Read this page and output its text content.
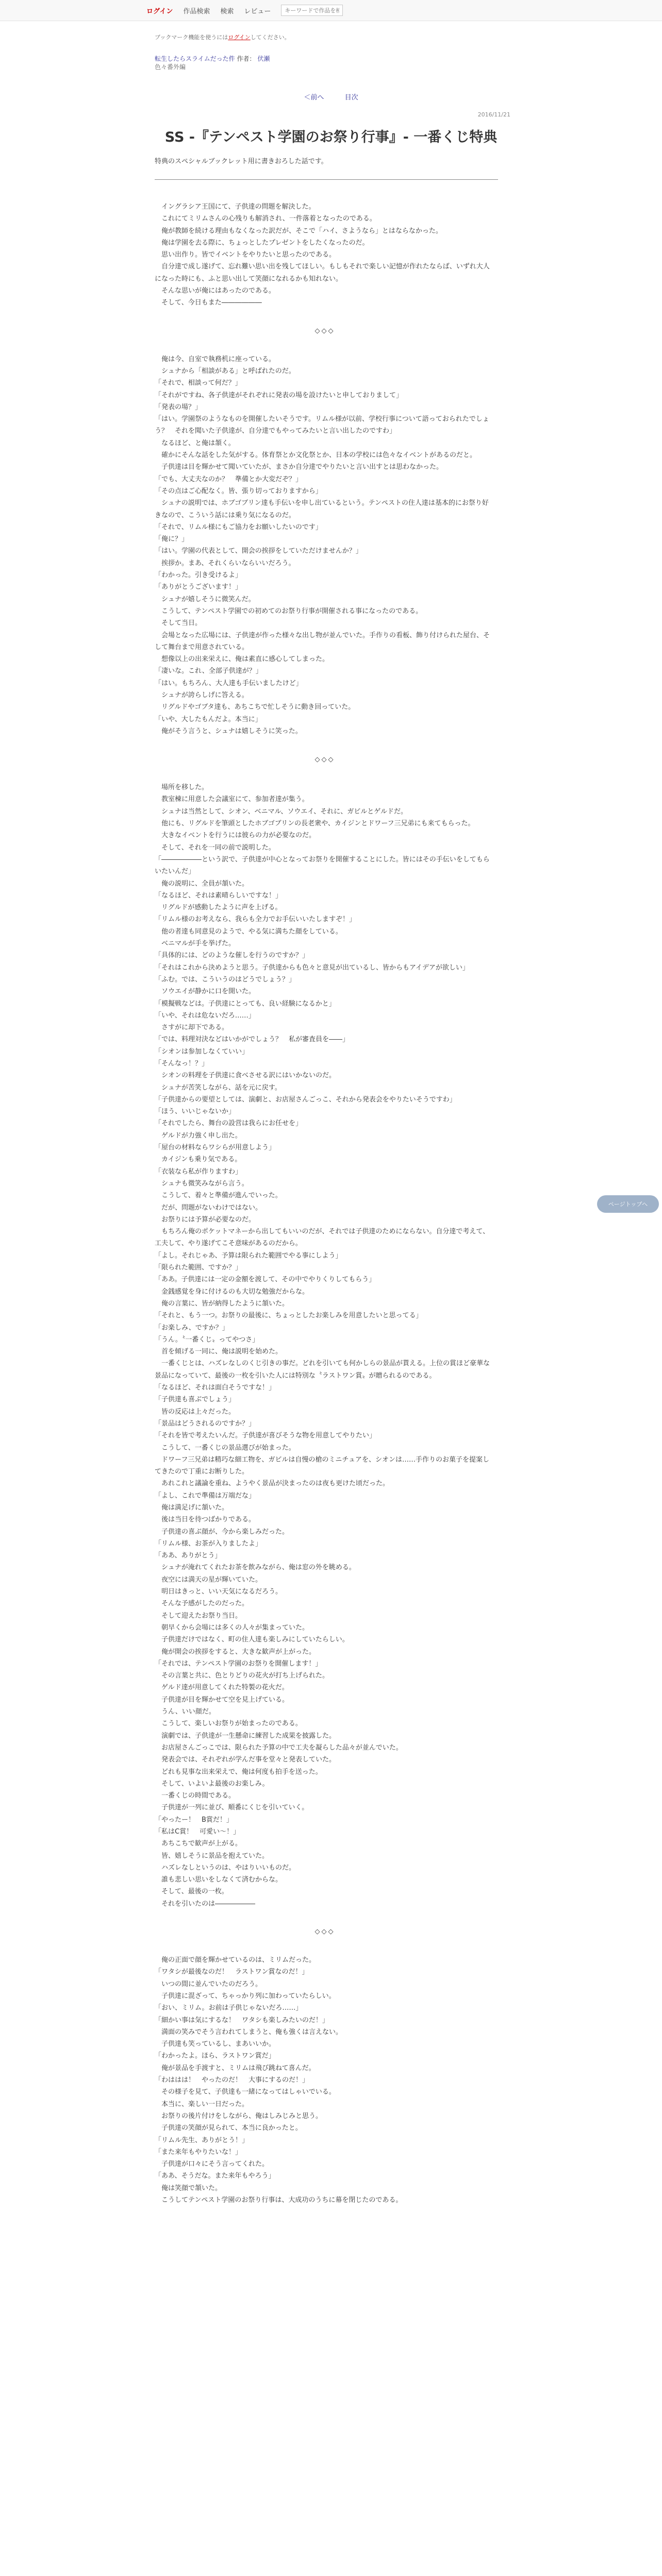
ログイン 作品検索 検索 レビュー
キーワードで作品を検索
ブックマーク機能を使うにはログインしてください。
転生したらスライムだった件 作者： 伏瀬
色々番外編
＜前へ	目次
2016/11/21
SS -『テンペスト学園のお祭り行事』- 一番くじ特典
特典のスペシャルブックレット用に書きおろした話です。

　イングラシア王国にて、子供達の問題を解決した。

　これにてミリムさんの心残りも解消され、一件落着となったのである。

　俺が教師を続ける理由もなくなった訳だが、そこで「ハイ、さようなら」とはならなかった。

　俺は学園を去る際に、ちょっとしたプレゼントをしたくなったのだ。

　思い出作り。皆でイベントをやりたいと思ったのである。

　自分達で成し遂げて、忘れ難い思い出を残してほしい。もしもそれで楽しい記憶が作れたならば、いずれ大人になった時にも、ふと思い出して笑顔になれるかも知れない。

　そんな思いが俺にはあったのである。

　そして、今日もまた――――――

◇◇◇

　俺は今、自室で執務机に座っている。

　シュナから「相談がある」と呼ばれたのだ。

「それで、相談って何だ？」

「それがですね、各子供達がそれぞれに発表の場を設けたいと申しておりまして」

「発表の場？」

「はい。学園祭のようなものを開催したいそうです。リムル様が以前、学校行事について語っておられたでしょう？　それを聞いた子供達が、自分達でもやってみたいと言い出したのですわ」

　なるほど、と俺は頷く。

　確かにそんな話をした気がする。体育祭とか文化祭とか、日本の学校には色々なイベントがあるのだと。

　子供達は目を輝かせて聞いていたが、まさか自分達でやりたいと言い出すとは思わなかった。

「でも、大丈夫なのか？　準備とか大変だぞ？」

「その点はご心配なく。皆、張り切っておりますから」

　シュナの説明では、ホブゴブリン達も手伝いを申し出ているという。テンペストの住人達は基本的にお祭り好きなので、こういう話には乗り気になるのだ。

「それで、リムル様にもご協力をお願いしたいのです」

「俺に？」

「はい。学園の代表として、開会の挨拶をしていただけませんか？」

　挨拶か。まあ、それくらいならいいだろう。

「わかった。引き受けるよ」

「ありがとうございます！」

　シュナが嬉しそうに微笑んだ。

　こうして、テンペスト学園での初めてのお祭り行事が開催される事になったのである。

　そして当日。

　会場となった広場には、子供達が作った様々な出し物が並んでいた。手作りの看板、飾り付けられた屋台、そして舞台まで用意されている。

　想像以上の出来栄えに、俺は素直に感心してしまった。

「凄いな。これ、全部子供達が？」

「はい。もちろん、大人達も手伝いましたけど」

　シュナが誇らしげに答える。

　リグルドやゴブタ達も、あちこちで忙しそうに動き回っていた。

「いや、大したもんだよ。本当に」

　俺がそう言うと、シュナは嬉しそうに笑った。

◇◇◇

　場所を移した。

　教室棟に用意した会議室にて、参加者達が集う。

　シュナは当然として、シオン、ベニマル、ソウエイ、それに、ガビルとゲルドだ。

　他にも、リグルドを筆頭としたホブゴブリンの長老衆や、カイジンとドワーフ三兄弟にも来てもらった。

　大きなイベントを行うには彼らの力が必要なのだ。

　そして、それを一同の前で説明した。

「――――――という訳で、子供達が中心となってお祭りを開催することにした。皆にはその手伝いをしてもらいたいんだ」

　俺の説明に、全員が頷いた。

「なるほど、それは素晴らしいですな！」

　リグルドが感動したように声を上げる。

「リムル様のお考えなら、我らも全力でお手伝いいたしますぞ！」

　他の者達も同意見のようで、やる気に満ちた顔をしている。

　ベニマルが手を挙げた。

「具体的には、どのような催しを行うのですか？」

「それはこれから決めようと思う。子供達からも色々と意見が出ているし、皆からもアイデアが欲しい」

「ふむ。では、こういうのはどうでしょう？」

　ソウエイが静かに口を開いた。

「模擬戦などは。子供達にとっても、良い経験になるかと」

「いや、それは危ないだろ……」

　さすがに却下である。

「では、料理対決などはいかがでしょう？　私が審査員を――」

「シオンは参加しなくていい」

「そんなっ！？」

　シオンの料理を子供達に食べさせる訳にはいかないのだ。

　シュナが苦笑しながら、話を元に戻す。

「子供達からの要望としては、演劇と、お店屋さんごっこ、それから発表会をやりたいそうですわ」

「ほう、いいじゃないか」

「それでしたら、舞台の設営は我らにお任せを」

　ゲルドが力強く申し出た。

「屋台の材料ならワシらが用意しよう」

　カイジンも乗り気である。

「衣装なら私が作りますわ」

　シュナも微笑みながら言う。

　こうして、着々と準備が進んでいった。

　だが、問題がないわけではない。

　お祭りには予算が必要なのだ。

　もちろん俺のポケットマネーから出してもいいのだが、それでは子供達のためにならない。自分達で考えて、工夫して、やり遂げてこそ意味があるのだから。

「よし。それじゃあ、予算は限られた範囲でやる事にしよう」

「限られた範囲、ですか？」

「ああ。子供達には一定の金額を渡して、その中でやりくりしてもらう」

　金銭感覚を身に付けるのも大切な勉強だからな。

　俺の言葉に、皆が納得したように頷いた。

「それと、もう一つ。お祭りの最後に、ちょっとしたお楽しみを用意したいと思ってる」

「お楽しみ、ですか？」

「うん。〝一番くじ〟ってやつさ」

　首を傾げる一同に、俺は説明を始めた。

　一番くじとは、ハズレなしのくじ引きの事だ。どれを引いても何かしらの景品が貰える。上位の賞ほど豪華な景品になっていて、最後の一枚を引いた人には特別な〝ラストワン賞〟が贈られるのである。

「なるほど、それは面白そうですな！」

「子供達も喜ぶでしょう」

　皆の反応は上々だった。

「景品はどうされるのですか？」

「それを皆で考えたいんだ。子供達が喜びそうな物を用意してやりたい」

　こうして、一番くじの景品選びが始まった。

　ドワーフ三兄弟は精巧な細工物を、ガビルは自慢の槍のミニチュアを、シオンは……手作りのお菓子を提案してきたので丁重にお断りした。

　あれこれと議論を重ね、ようやく景品が決まったのは夜も更けた頃だった。

「よし、これで準備は万端だな」

　俺は満足げに頷いた。

　後は当日を待つばかりである。

　子供達の喜ぶ顔が、今から楽しみだった。

「リムル様、お茶が入りましたよ」

「ああ、ありがとう」

　シュナが淹れてくれたお茶を飲みながら、俺は窓の外を眺める。

　夜空には満天の星が輝いていた。

　明日はきっと、いい天気になるだろう。

　そんな予感がしたのだった。

　そして迎えたお祭り当日。

　朝早くから会場には多くの人々が集まっていた。

　子供達だけではなく、町の住人達も楽しみにしていたらしい。

　俺が開会の挨拶をすると、大きな歓声が上がった。

「それでは、テンペスト学園のお祭りを開催します！」

　その言葉と共に、色とりどりの花火が打ち上げられた。

　ゲルド達が用意してくれた特製の花火だ。

　子供達が目を輝かせて空を見上げている。

　うん、いい顔だ。

　こうして、楽しいお祭りが始まったのである。

　演劇では、子供達が一生懸命に練習した成果を披露した。

　お店屋さんごっこでは、限られた予算の中で工夫を凝らした品々が並んでいた。

　発表会では、それぞれが学んだ事を堂々と発表していた。

　どれも見事な出来栄えで、俺は何度も拍手を送った。

　そして、いよいよ最後のお楽しみ。

　一番くじの時間である。

　子供達が一列に並び、順番にくじを引いていく。

「やったー！　B賞だ！」

「私はC賞！　可愛い～！」

　あちこちで歓声が上がる。

　皆、嬉しそうに景品を抱えていた。

　ハズレなしというのは、やはりいいものだ。

　誰も悲しい思いをしなくて済むからな。

　そして、最後の一枚。

　それを引いたのは――――――

◇◇◇

　俺の正面で顔を輝かせているのは、ミリムだった。

「ワタシが最後なのだ！　ラストワン賞なのだ！」

　いつの間に並んでいたのだろう。

　子供達に混ざって、ちゃっかり列に加わっていたらしい。

「おい、ミリム。お前は子供じゃないだろ……」

「細かい事は気にするな！　ワタシも楽しみたいのだ！」

　満面の笑みでそう言われてしまうと、俺も強くは言えない。

　子供達も笑っているし、まあいいか。

「わかったよ。ほら、ラストワン賞だ」

　俺が景品を手渡すと、ミリムは飛び跳ねて喜んだ。

「わははは！　やったのだ！　大事にするのだ！」

　その様子を見て、子供達も一緒になってはしゃいでいる。

　本当に、楽しい一日だった。

　お祭りの後片付けをしながら、俺はしみじみと思う。

　子供達の笑顔が見られて、本当に良かったと。

「リムル先生、ありがとう！」

「また来年もやりたいな！」

　子供達が口々にそう言ってくれた。

「ああ、そうだな。また来年もやろう」

　俺は笑顔で頷いた。

　こうしてテンペスト学園のお祭り行事は、大成功のうちに幕を閉じたのである。

ページトップへ
